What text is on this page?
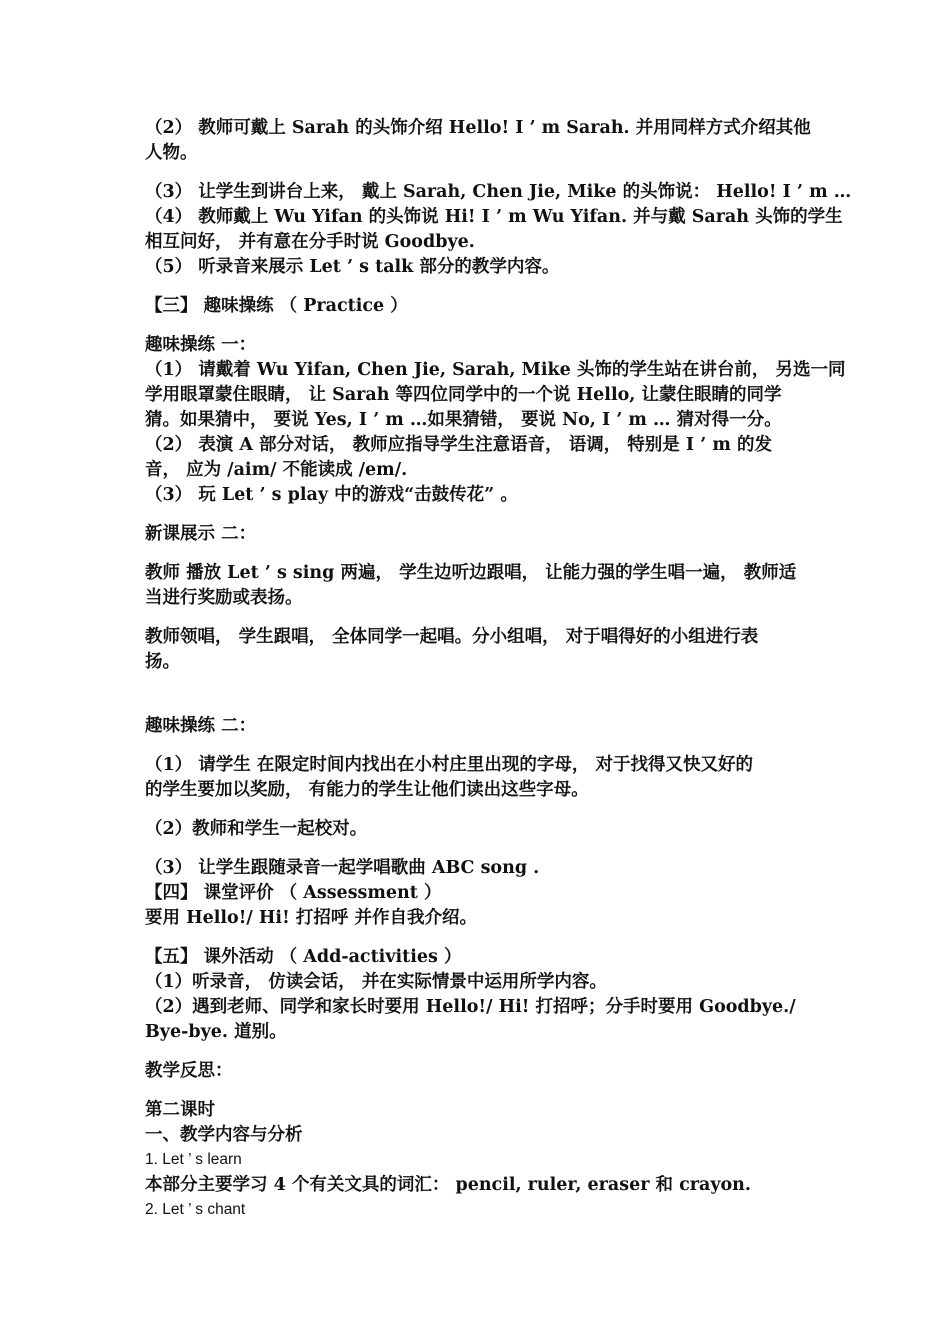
（2） 教师可戴上 Sarah 的头饰介绍 Hello! I ’ m Sarah. 并用同样方式介绍其他
人物。
（3） 让学生到讲台上来， 戴上 Sarah, Chen Jie, Mike 的头饰说： Hello! I ’ m …
（4） 教师戴上 Wu Yifan 的头饰说 Hi! I ’ m Wu Yifan. 并与戴 Sarah 头饰的学生
相互问好， 并有意在分手时说 Goodbye.
（5） 听录音来展示 Let ’ s talk 部分的教学内容。
【三】 趣味操练 （ Practice ）
趣味操练 一：
（1） 请戴着 Wu Yifan, Chen Jie, Sarah, Mike 头饰的学生站在讲台前， 另选一同
学用眼罩蒙住眼睛， 让 Sarah 等四位同学中的一个说 Hello, 让蒙住眼睛的同学
猜。如果猜中， 要说 Yes, I ’ m …如果猜错， 要说 No, I ’ m … 猜对得一分。
（2） 表演 A 部分对话， 教师应指导学生注意语音， 语调， 特别是 I ’ m 的发
音， 应为 /aim/ 不能读成 /em/.
（3） 玩 Let ’ s play 中的游戏“击鼓传花” 。
新课展示 二：
教师 播放 Let ’ s sing 两遍， 学生边听边跟唱， 让能力强的学生唱一遍， 教师适
当进行奖励或表扬。
教师领唱， 学生跟唱， 全体同学一起唱。分小组唱， 对于唱得好的小组进行表
扬。
趣味操练 二：
（1） 请学生 在限定时间内找出在小村庄里出现的字母， 对于找得又快又好的
的学生要加以奖励， 有能力的学生让他们读出这些字母。
（2）教师和学生一起校对。
（3） 让学生跟随录音一起学唱歌曲 ABC song .
【四】 课堂评价 （ Assessment ）
要用 Hello!/ Hi! 打招呼 并作自我介绍。
【五】 课外活动 （ Add-activities ）
（1）听录音， 仿读会话， 并在实际情景中运用所学内容。
（2）遇到老师、同学和家长时要用 Hello!/ Hi! 打招呼；分手时要用 Goodbye./
Bye-bye. 道别。
教学反思：
第二课时
一、教学内容与分析
1. Let ’ s learn
本部分主要学习 4 个有关文具的词汇： pencil, ruler, eraser 和 crayon.
2. Let ’ s chant
